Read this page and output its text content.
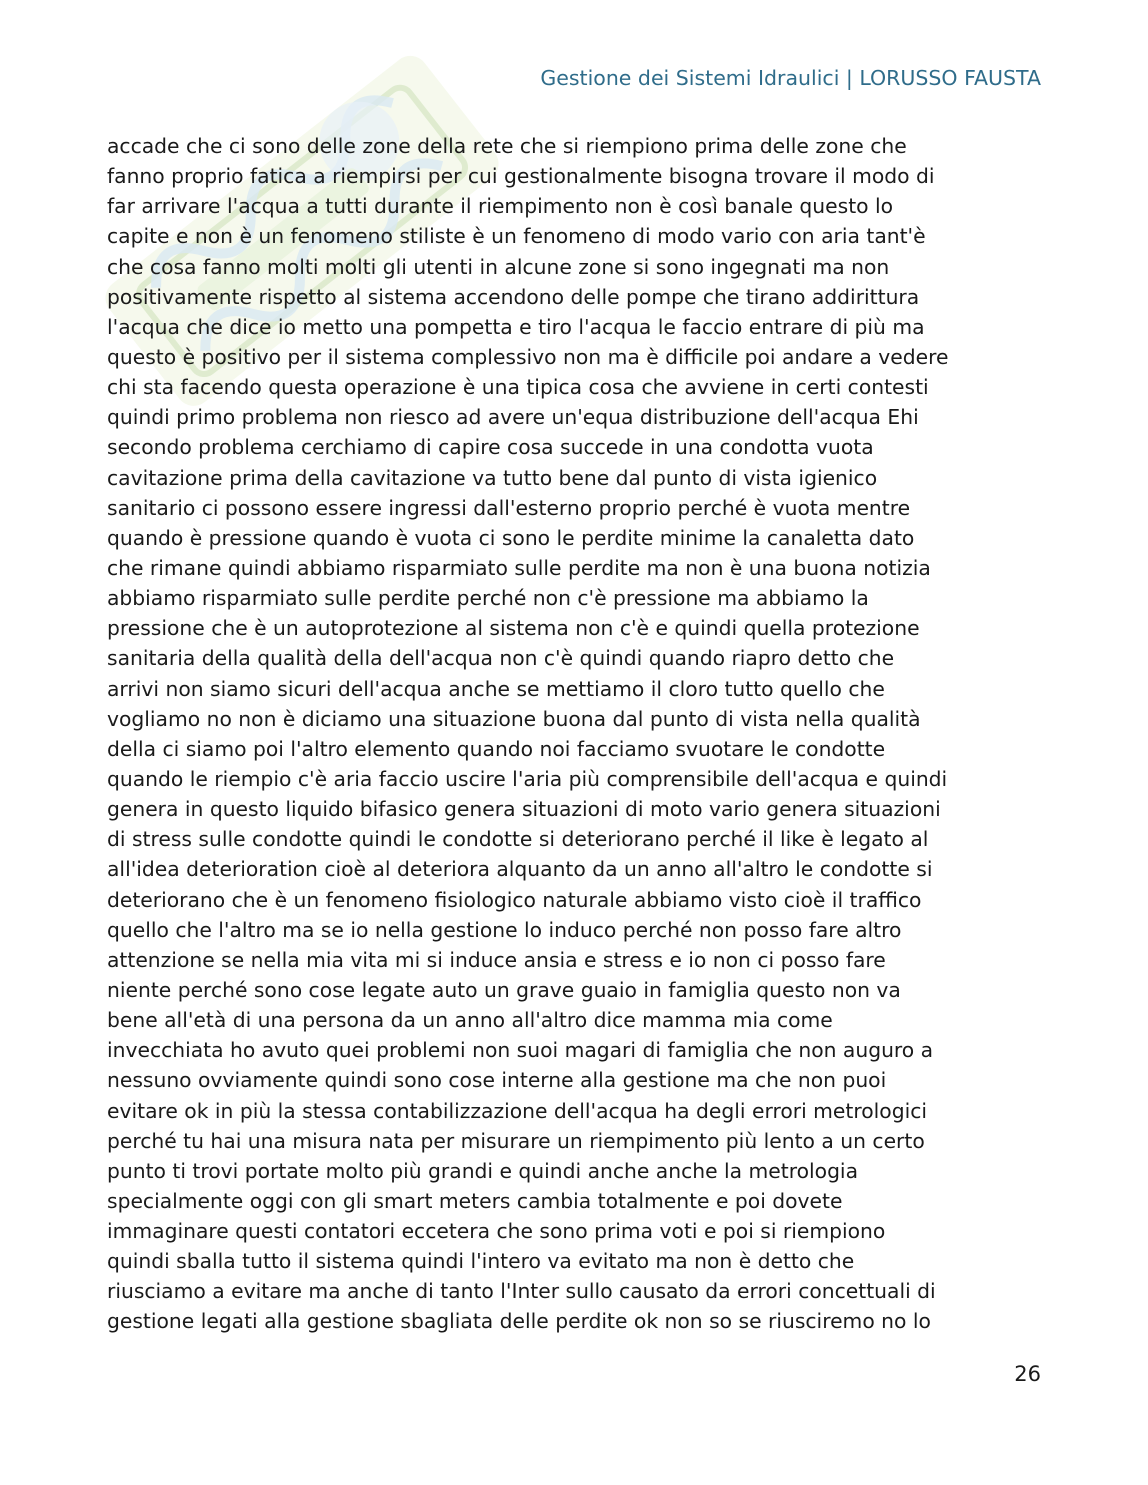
Gestione dei Sistemi Idraulici | LORUSSO FAUSTA
accade che ci sono delle zone della rete che si riempiono prima delle zone che
fanno proprio fatica a riempirsi per cui gestionalmente bisogna trovare il modo di
far arrivare l'acqua a tutti durante il riempimento non è così banale questo lo
capite e non è un fenomeno stiliste è un fenomeno di modo vario con aria tant'è
che cosa fanno molti molti gli utenti in alcune zone si sono ingegnati ma non
positivamente rispetto al sistema accendono delle pompe che tirano addirittura
l'acqua che dice io metto una pompetta e tiro l'acqua le faccio entrare di più ma
questo è positivo per il sistema complessivo non ma è difficile poi andare a vedere
chi sta facendo questa operazione è una tipica cosa che avviene in certi contesti
quindi primo problema non riesco ad avere un'equa distribuzione dell'acqua Ehi
secondo problema cerchiamo di capire cosa succede in una condotta vuota
cavitazione prima della cavitazione va tutto bene dal punto di vista igienico
sanitario ci possono essere ingressi dall'esterno proprio perché è vuota mentre
quando è pressione quando è vuota ci sono le perdite minime la canaletta dato
che rimane quindi abbiamo risparmiato sulle perdite ma non è una buona notizia
abbiamo risparmiato sulle perdite perché non c'è pressione ma abbiamo la
pressione che è un autoprotezione al sistema non c'è e quindi quella protezione
sanitaria della qualità della dell'acqua non c'è quindi quando riapro detto che
arrivi non siamo sicuri dell'acqua anche se mettiamo il cloro tutto quello che
vogliamo no non è diciamo una situazione buona dal punto di vista nella qualità
della ci siamo poi l'altro elemento quando noi facciamo svuotare le condotte
quando le riempio c'è aria faccio uscire l'aria più comprensibile dell'acqua e quindi
genera in questo liquido bifasico genera situazioni di moto vario genera situazioni
di stress sulle condotte quindi le condotte si deteriorano perché il like è legato al
all'idea deterioration cioè al deteriora alquanto da un anno all'altro le condotte si
deteriorano che è un fenomeno fisiologico naturale abbiamo visto cioè il traffico
quello che l'altro ma se io nella gestione lo induco perché non posso fare altro
attenzione se nella mia vita mi si induce ansia e stress e io non ci posso fare
niente perché sono cose legate auto un grave guaio in famiglia questo non va
bene all'età di una persona da un anno all'altro dice mamma mia come
invecchiata ho avuto quei problemi non suoi magari di famiglia che non auguro a
nessuno ovviamente quindi sono cose interne alla gestione ma che non puoi
evitare ok in più la stessa contabilizzazione dell'acqua ha degli errori metrologici
perché tu hai una misura nata per misurare un riempimento più lento a un certo
punto ti trovi portate molto più grandi e quindi anche anche la metrologia
specialmente oggi con gli smart meters cambia totalmente e poi dovete
immaginare questi contatori eccetera che sono prima voti e poi si riempiono
quindi sballa tutto il sistema quindi l'intero va evitato ma non è detto che
riusciamo a evitare ma anche di tanto l'Inter sullo causato da errori concettuali di
gestione legati alla gestione sbagliata delle perdite ok non so se riusciremo no lo
26
